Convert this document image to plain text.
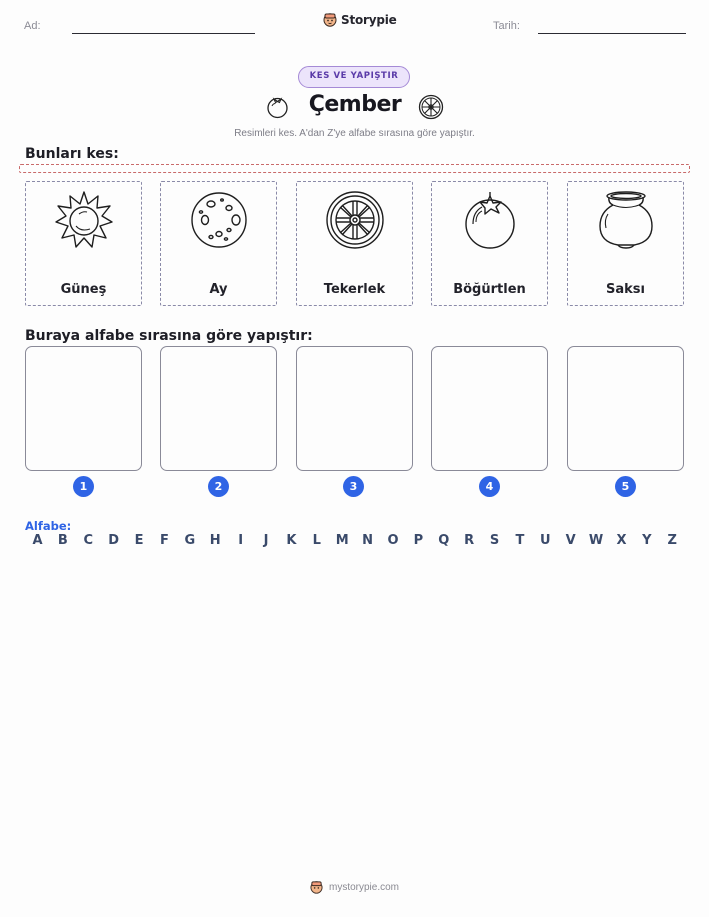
Ad:	Storypie	Tarih:
KES VE YAPIŞTIR
Çember
Resimleri kes. A'dan Z'ye alfabe sırasına göre yapıştır.
Bunları kes:
Güneş	Ay	Tekerlek	Böğürtlen	Saksı
Buraya alfabe sırasına göre yapıştır:
1	2	3	4	5
Alfabe:
A	B	C	D	E	F	G	H	I	J	K	L	M	N	O	P	Q	R	S	T	U	V	W	X	Y	Z
mystorypie.com
